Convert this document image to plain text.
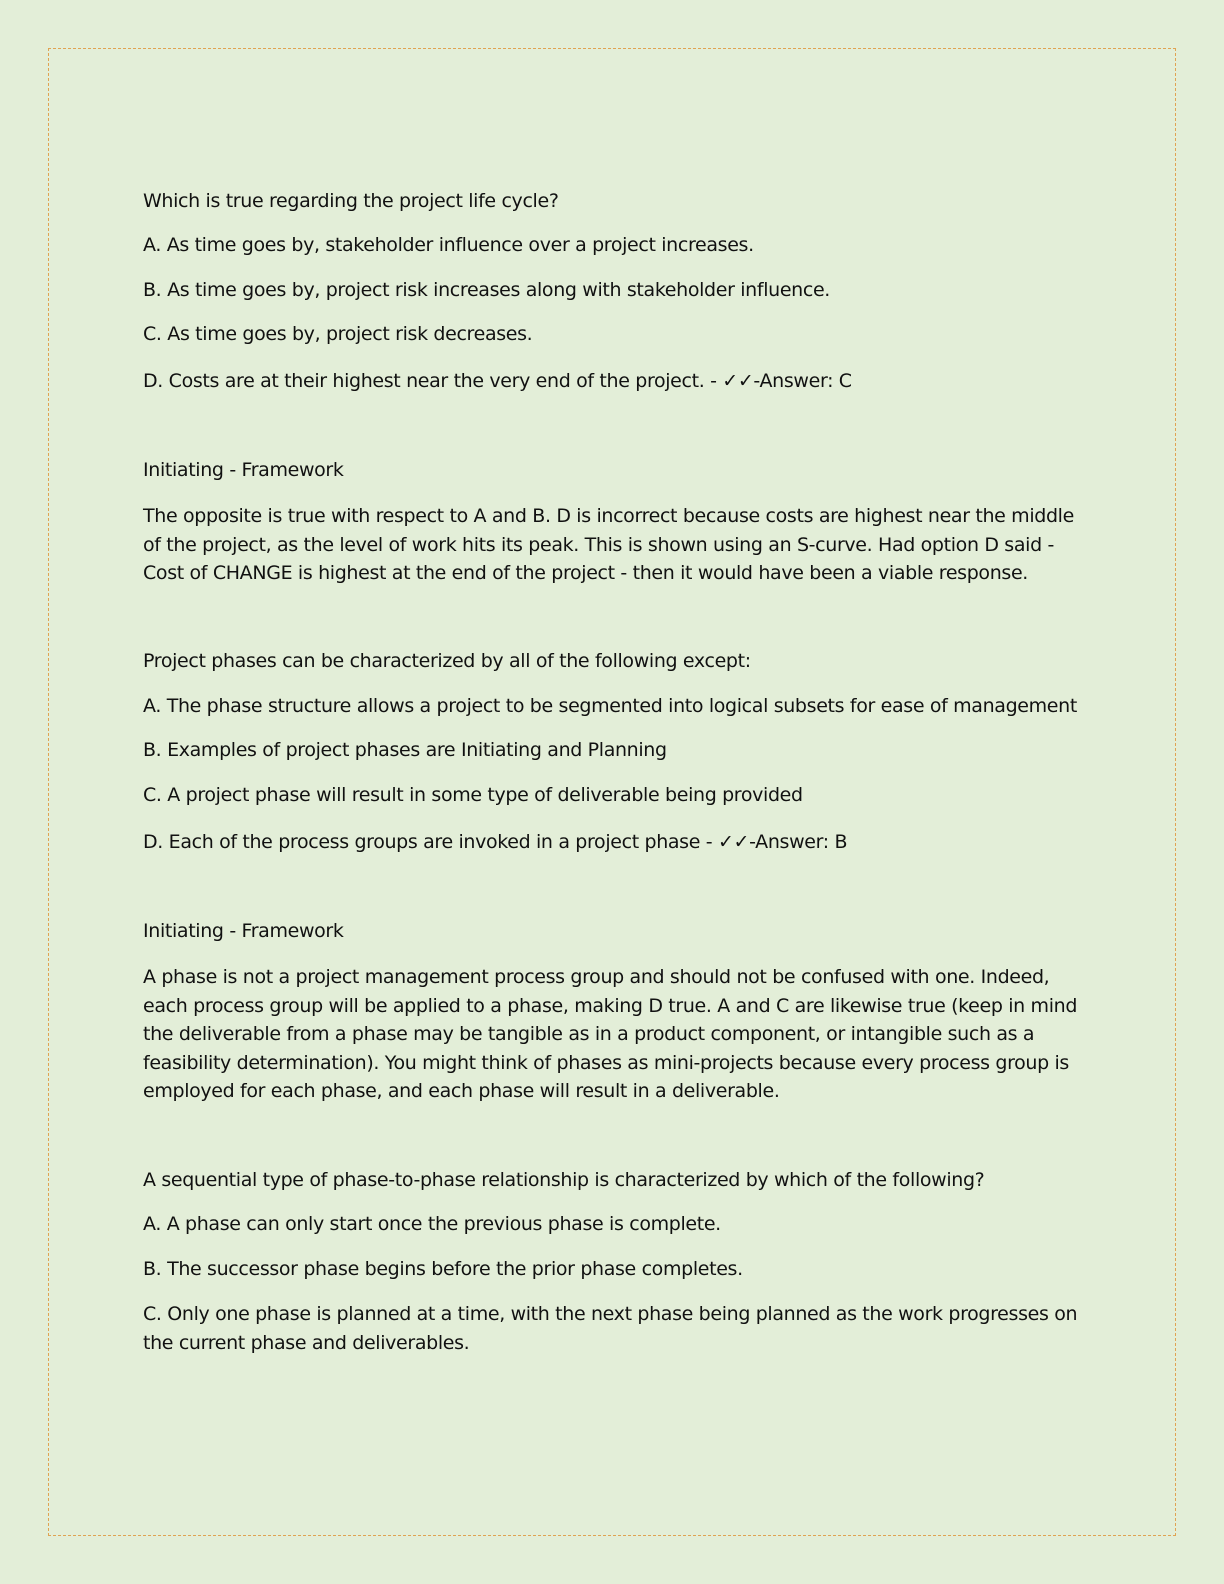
Which is true regarding the project life cycle?

A. As time goes by, stakeholder influence over a project increases.

B. As time goes by, project risk increases along with stakeholder influence.

C. As time goes by, project risk decreases.

D. Costs are at their highest near the very end of the project. - ✓✓-Answer: C

Initiating - Framework

The opposite is true with respect to A and B. D is incorrect because costs are highest near the middle of the project, as the level of work hits its peak. This is shown using an S-curve. Had option D said - Cost of CHANGE is highest at the end of the project - then it would have been a viable response.

Project phases can be characterized by all of the following except:

A. The phase structure allows a project to be segmented into logical subsets for ease of management

B. Examples of project phases are Initiating and Planning

C. A project phase will result in some type of deliverable being provided

D. Each of the process groups are invoked in a project phase - ✓✓-Answer: B

Initiating - Framework

A phase is not a project management process group and should not be confused with one. Indeed, each process group will be applied to a phase, making D true. A and C are likewise true (keep in mind the deliverable from a phase may be tangible as in a product component, or intangible such as a feasibility determination). You might think of phases as mini-projects because every process group is employed for each phase, and each phase will result in a deliverable.

A sequential type of phase-to-phase relationship is characterized by which of the following?

A. A phase can only start once the previous phase is complete.

B. The successor phase begins before the prior phase completes.

C. Only one phase is planned at a time, with the next phase being planned as the work progresses on the current phase and deliverables.
